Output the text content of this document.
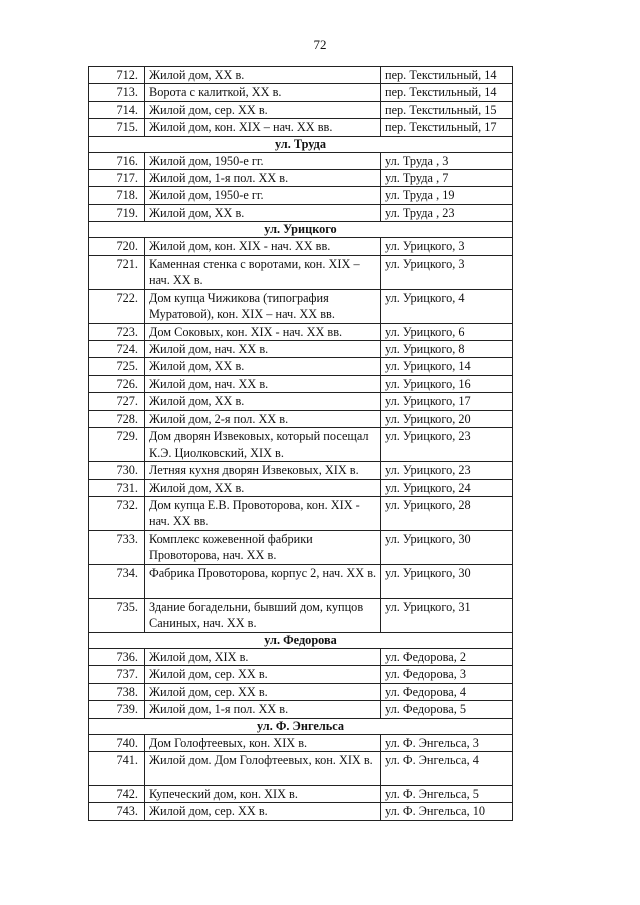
72
712.	Жилой дом, XX в.	пер. Текстильный, 14
713.	Ворота с калиткой, XX в.	пер. Текстильный, 14
714.	Жилой дом, сер. XX в.	пер. Текстильный, 15
715.	Жилой дом, кон. XIX – нач. XX вв.	пер. Текстильный, 17
ул. Труда		
716.	Жилой дом, 1950-е гг.	ул. Труда , 3
717.	Жилой дом, 1-я пол. XX в.	ул. Труда , 7
718.	Жилой дом, 1950-е гг.	ул. Труда , 19
719.	Жилой дом, XX в.	ул. Труда , 23
ул. Урицкого		
720.	Жилой дом, кон. XIX - нач. XX вв.	ул. Урицкого, 3
721.	Каменная стенка с воротами, кон. XIX – нач. XX в.	ул. Урицкого, 3
722.	Дом купца Чижикова (типография Муратовой), кон. XIX – нач. XX вв.	ул. Урицкого, 4
723.	Дом Соковых, кон. XIX - нач. XX вв.	ул. Урицкого, 6
724.	Жилой дом, нач. XX в.	ул. Урицкого, 8
725.	Жилой дом, XX в.	ул. Урицкого, 14
726.	Жилой дом, нач. XX в.	ул. Урицкого, 16
727.	Жилой дом, XX в.	ул. Урицкого, 17
728.	Жилой дом, 2-я пол. XX в.	ул. Урицкого, 20
729.	Дом дворян Извековых, который посещал К.Э. Циолковский, XIX в.	ул. Урицкого, 23
730.	Летняя кухня дворян Извековых, XIX в.	ул. Урицкого, 23
731.	Жилой дом, XX в.	ул. Урицкого, 24
732.	Дом купца Е.В. Провоторова, кон. XIX - нач. XX вв.	ул. Урицкого, 28
733.	Комплекс кожевенной фабрики Провоторова, нач. XX в.	ул. Урицкого, 30
734.	Фабрика Провоторова, корпус 2, нач. XX в.	ул. Урицкого, 30
735.	Здание богадельни, бывший дом, купцов Саниных, нач. XX в.	ул. Урицкого, 31
ул. Федорова		
736.	Жилой дом, XIX в.	ул. Федорова, 2
737.	Жилой дом, сер. XX в.	ул. Федорова, 3
738.	Жилой дом, сер. XX в.	ул. Федорова, 4
739.	Жилой дом, 1-я пол. XX в.	ул. Федорова, 5
ул. Ф. Энгельса		
740.	Дом Голофтеевых, кон. XIX в.	ул. Ф. Энгельса, 3
741.	Жилой дом. Дом Голофтеевых, кон. XIX в.	ул. Ф. Энгельса, 4
742.	Купеческий дом, кон. XIX в.	ул. Ф. Энгельса, 5
743.	Жилой дом, сер. XX в.	ул. Ф. Энгельса, 10
